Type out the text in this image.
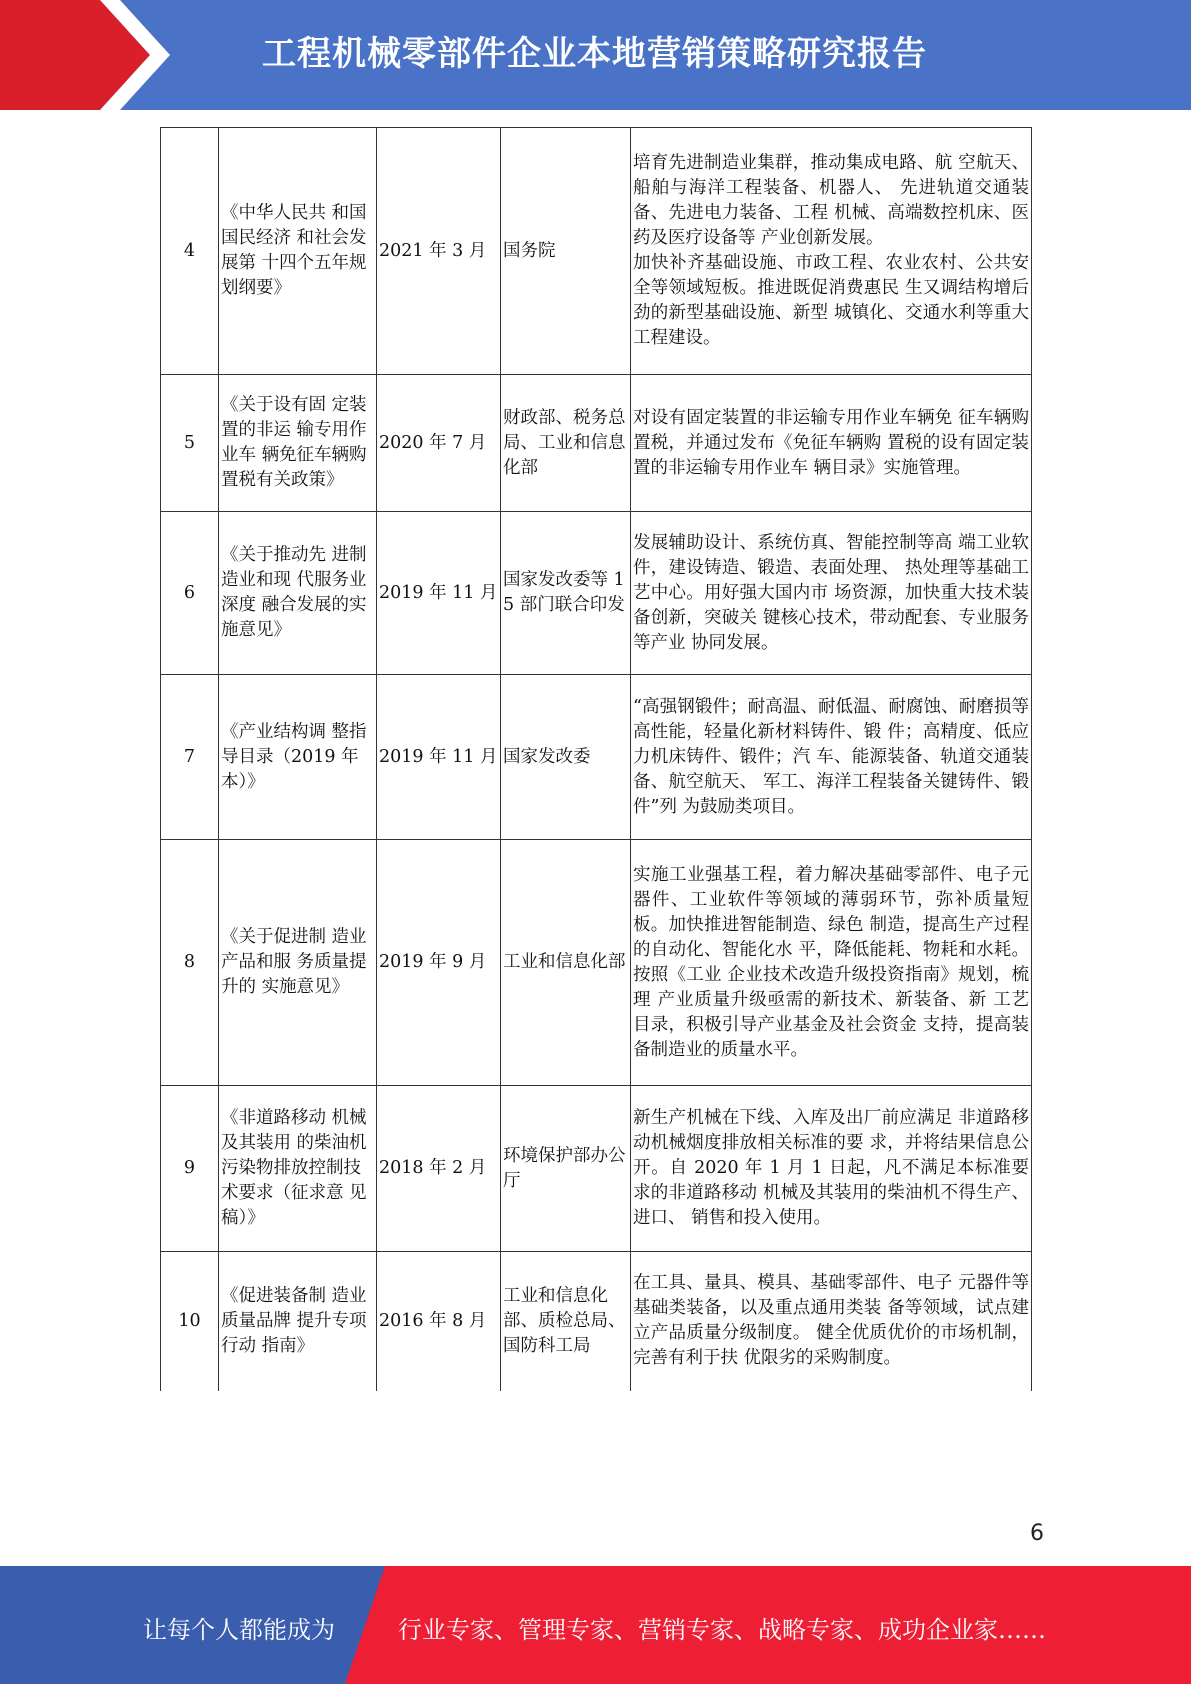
工程机械零部件企业本地营销策略研究报告
4	《中华人民共 和国国民经济 和社会发展第 十四个五年规 划纲要》	2021 年 3 月	国务院	培育先进制造业集群，推动集成电路、航 空航天、船舶与海洋工程装备、机器人、 先进轨道交通装备、先进电力装备、工程 机械、高端数控机床、医药及医疗设备等 产业创新发展。
加快补齐基础设施、市政工程、农业农村、公共安全等领域短板。推进既促消费惠民 生又调结构增后劲的新型基础设施、新型 城镇化、交通水利等重大工程建设。

5	《关于设有固 定装置的非运 输专用作业车 辆免征车辆购 置税有关政策》	2020 年 7 月	财政部、税务总局、工业和信息化部	对设有固定装置的非运输专用作业车辆免 征车辆购置税，并通过发布《免征车辆购 置税的设有固定装置的非运输专用作业车 辆目录》实施管理。

6	《关于推动先 进制造业和现 代服务业深度 融合发展的实 施意见》	2019 年 11 月	国家发改委等 15 部门联合印发	发展辅助设计、系统仿真、智能控制等高 端工业软件，建设铸造、锻造、表面处理、 热处理等基础工艺中心。用好强大国内市 场资源，加快重大技术装备创新，突破关 键核心技术，带动配套、专业服务等产业 协同发展。

7	《产业结构调 整指导目录（2019 年本）》	2019 年 11 月	国家发改委	“高强钢锻件；耐高温、耐低温、耐腐蚀、耐磨损等高性能，轻量化新材料铸件、锻 件；高精度、低应力机床铸件、锻件；汽 车、能源装备、轨道交通装备、航空航天、 军工、海洋工程装备关键铸件、锻件”列 为鼓励类项目。

8	《关于促进制 造业产品和服 务质量提升的 实施意见》	2019 年 9 月	工业和信息化部	实施工业强基工程，着力解决基础零部件、电子元器件、工业软件等领域的薄弱环节，弥补质量短板。加快推进智能制造、绿色 制造，提高生产过程的自动化、智能化水 平，降低能耗、物耗和水耗。按照《工业 企业技术改造升级投资指南》规划，梳理 产业质量升级亟需的新技术、新装备、新 工艺目录，积极引导产业基金及社会资金 支持，提高装备制造业的质量水平。

9	《非道路移动 机械及其装用 的柴油机污染物排放控制技 术要求（征求意 见稿）》	2018 年 2 月	环境保护部办公厅	新生产机械在下线、入库及出厂前应满足 非道路移动机械烟度排放相关标准的要 求，并将结果信息公开。自 2020 年 1 月 1 日起，凡不满足本标准要求的非道路移动 机械及其装用的柴油机不得生产、进口、 销售和投入使用。

10	《促进装备制 造业质量品牌 提升专项行动 指南》	2016 年 8 月	工业和信息化部、质检总局、国防科工局	在工具、量具、模具、基础零部件、电子 元器件等基础类装备，以及重点通用类装 备等领域，试点建立产品质量分级制度。 健全优质优价的市场机制，完善有利于扶 优限劣的采购制度。
6
让每个人都能成为	行业专家、管理专家、营销专家、战略专家、成功企业家……
